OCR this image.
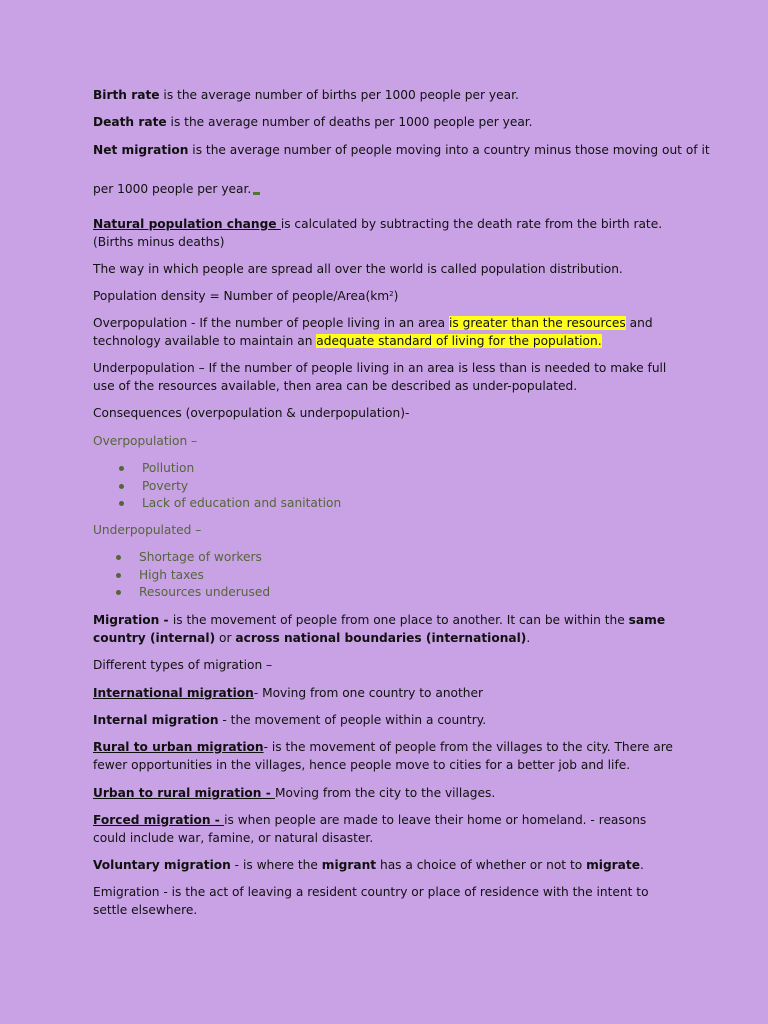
Birth rate is the average number of births per 1000 people per year.
Death rate is the average number of deaths per 1000 people per year.
Net migration is the average number of people moving into a country minus those moving out of it
per 1000 people per year.
Natural population change is calculated by subtracting the death rate from the birth rate. (Births minus deaths)
The way in which people are spread all over the world is called population distribution.
Population density = Number of people/$Area(km^2)$
Overpopulation - If the number of people living in an area is greater than the resources and technology available to maintain an adequate standard of living for the population.
Underpopulation – If the number of people living in an area is less than is needed to make full use of the resources available, then area can be described as under-populated.
Consequences (overpopulation & underpopulation)-
Overpopulation –
Pollution
Poverty
Lack of education and sanitation
Underpopulated –
Shortage of workers
High taxes
Resources underused
Migration - is the movement of people from one place to another. It can be within the same country (internal) or across national boundaries (international).
Different types of migration –
International migration- Moving from one country to another
Internal migration - the movement of people within a country.
Rural to urban migration- is the movement of people from the villages to the city. There are fewer opportunities in the villages, hence people move to cities for a better job and life.
Urban to rural migration - Moving from the city to the villages.
Forced migration - is when people are made to leave their home or homeland. - reasons could include war, famine, or natural disaster.
Voluntary migration - is where the migrant has a choice of whether or not to migrate.
Emigration - is the act of leaving a resident country or place of residence with the intent to settle elsewhere.
